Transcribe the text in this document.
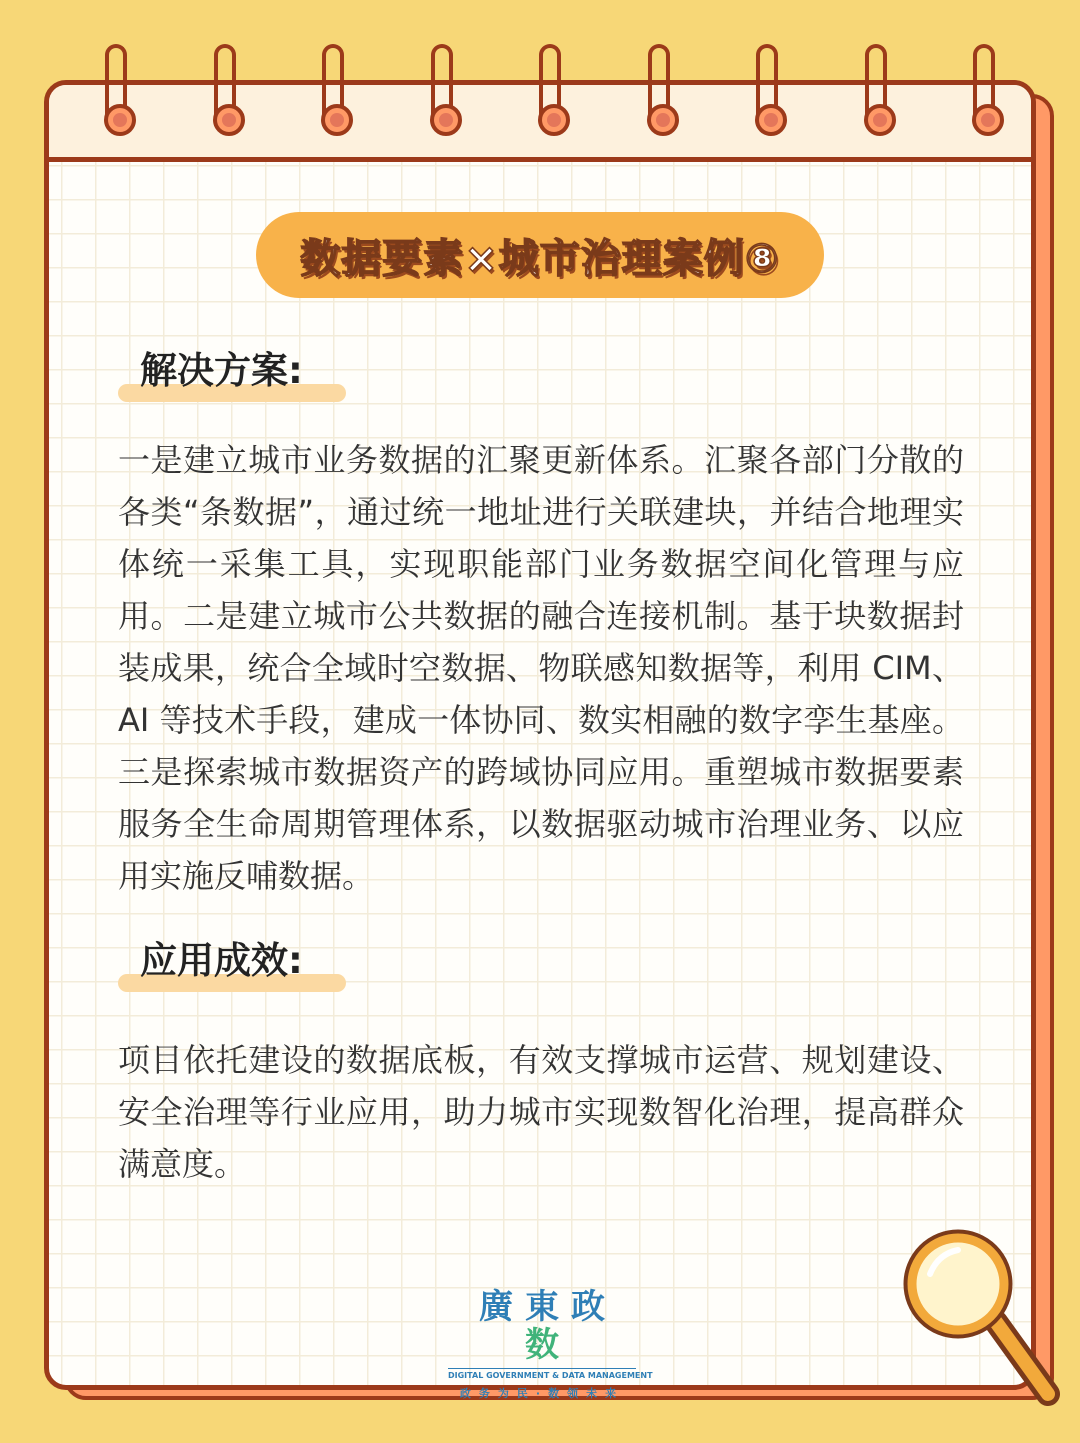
数据要素×城市治理案例⑧
解决方案:

一是建立城市业务数据的汇聚更新体系。汇聚各部门分散的各类“条数据”，通过统一地址进行关联建块，并结合地理实体统一采集工具，实现职能部门业务数据空间化管理与应用。二是建立城市公共数据的融合连接机制。基于块数据封装成果，统合全域时空数据、物联感知数据等，利用 CIM、AI 等技术手段，建成一体协同、数实相融的数字孪生基座。三是探索城市数据资产的跨域协同应用。重塑城市数据要素服务全生命周期管理体系，以数据驱动城市治理业务、以应用实施反哺数据。

应用成效:

项目依托建设的数据底板，有效支撑城市运营、规划建设、安全治理等行业应用，助力城市实现数智化治理，提高群众满意度。

廣東政数
DIGITAL GOVERNMENT & DATA MANAGEMENT
政务为民·数领未来
